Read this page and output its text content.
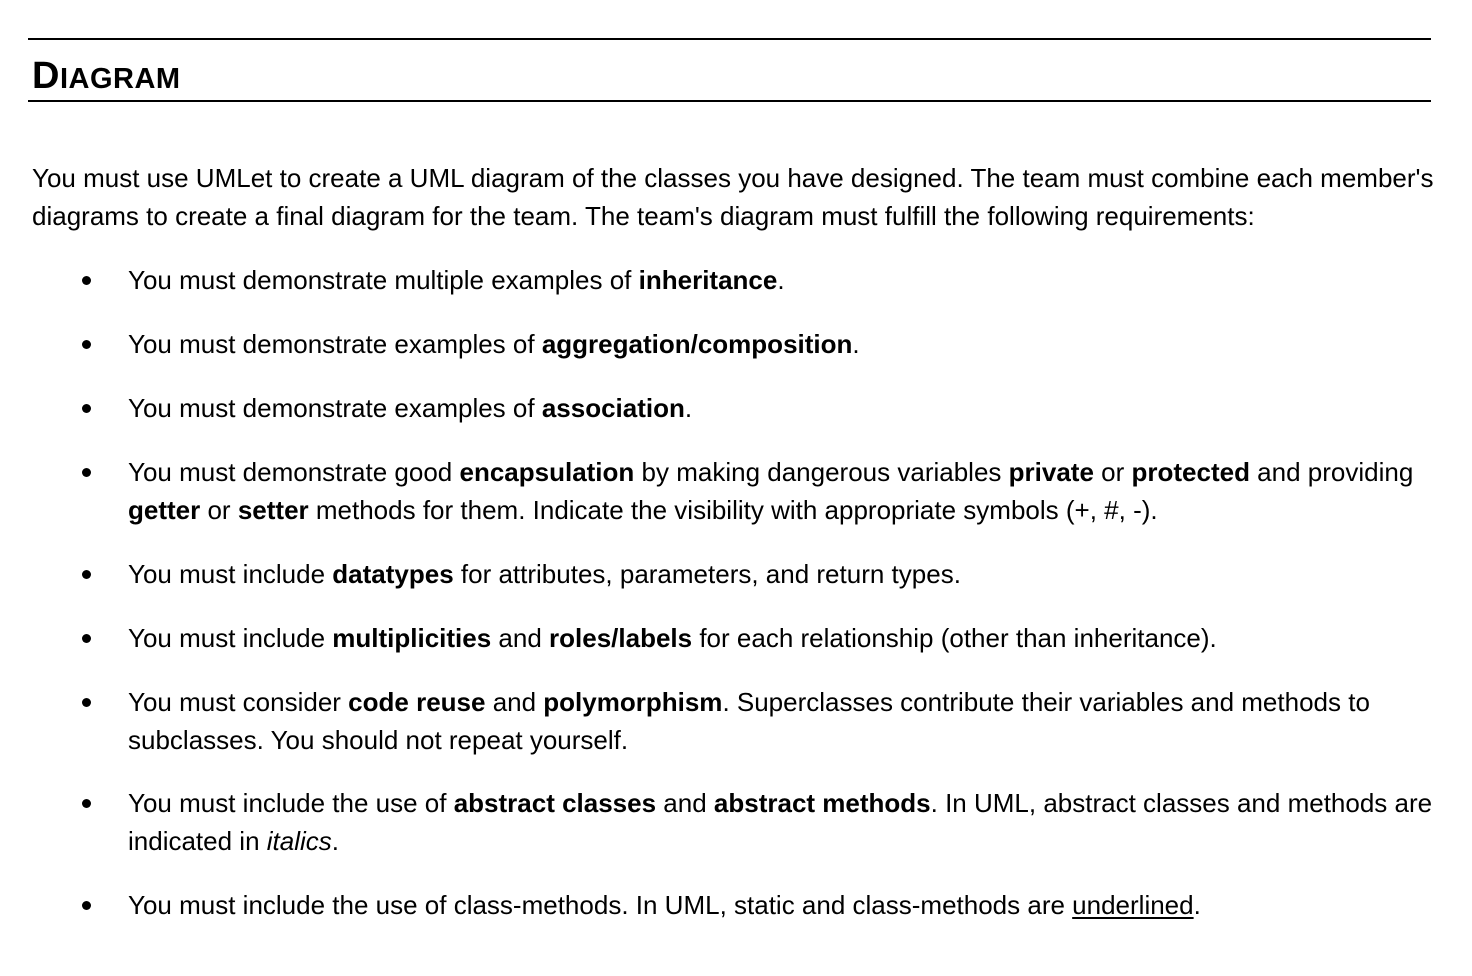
DIAGRAM

You must use UMLet to create a UML diagram of the classes you have designed. The team must combine each member's diagrams to create a final diagram for the team. The team's diagram must fulfill the following requirements:

You must demonstrate multiple examples of inheritance.
You must demonstrate examples of aggregation/composition.
You must demonstrate examples of association.
You must demonstrate good encapsulation by making dangerous variables private or protected and providing getter or setter methods for them. Indicate the visibility with appropriate symbols (+, #, -).
You must include datatypes for attributes, parameters, and return types.
You must include multiplicities and roles/labels for each relationship (other than inheritance).
You must consider code reuse and polymorphism. Superclasses contribute their variables and methods to subclasses. You should not repeat yourself.
You must include the use of abstract classes and abstract methods. In UML, abstract classes and methods are indicated in italics.
You must include the use of class-methods. In UML, static and class-methods are underlined.
